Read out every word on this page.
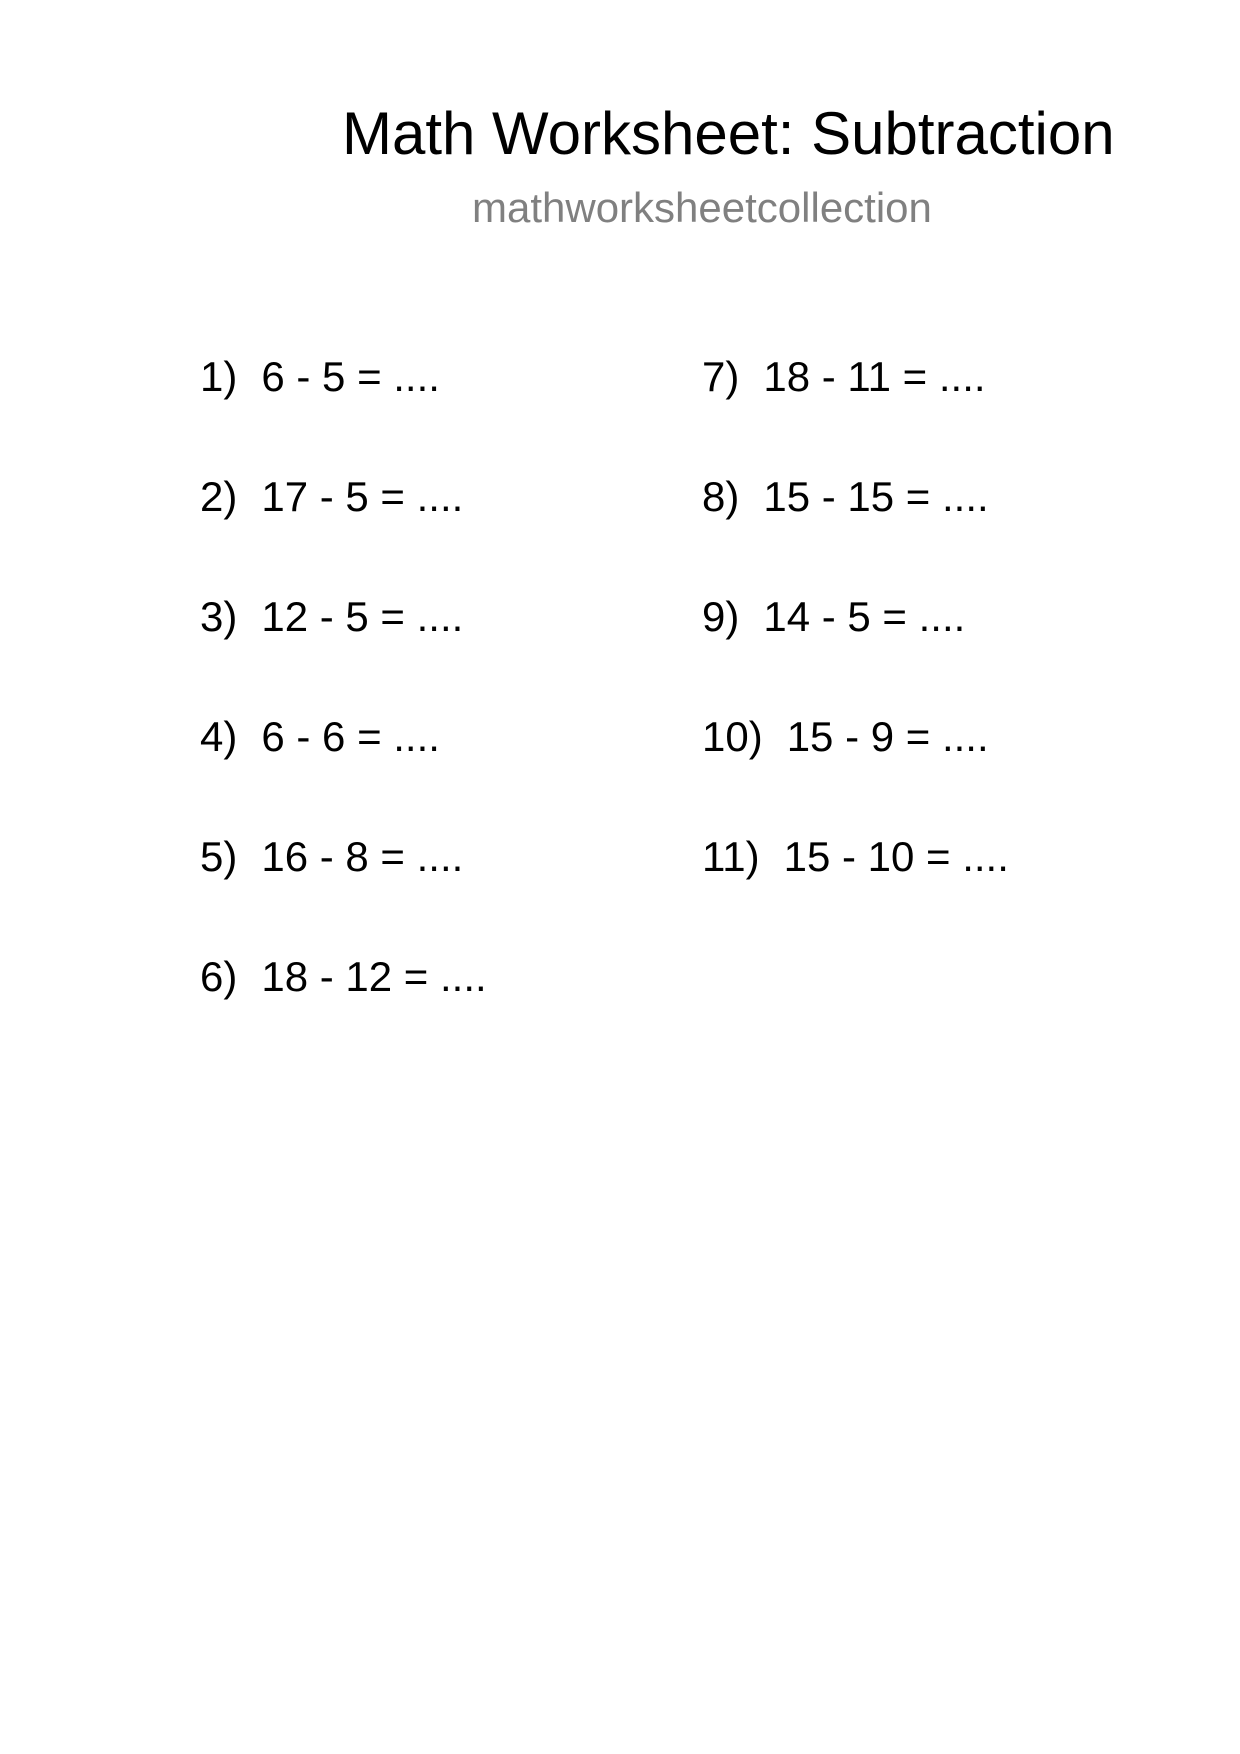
Math Worksheet: Subtraction
mathworksheetcollection
1) 6 - 5 = ....
2) 17 - 5 = ....
3) 12 - 5 = ....
4) 6 - 6 = ....
5) 16 - 8 = ....
6) 18 - 12 = ....
7) 18 - 11 = ....
8) 15 - 15 = ....
9) 14 - 5 = ....
10) 15 - 9 = ....
11) 15 - 10 = ....
